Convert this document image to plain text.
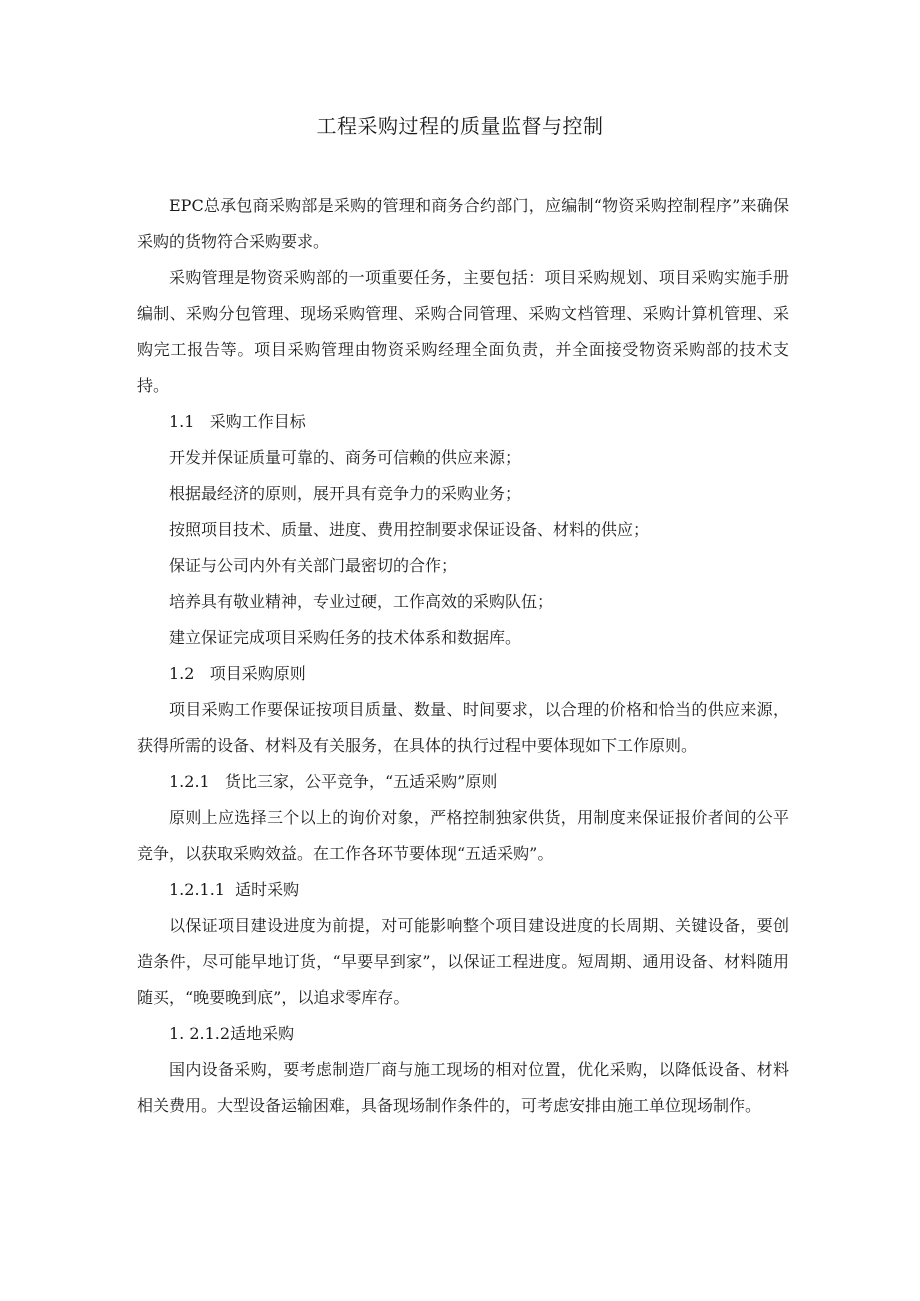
工程采购过程的质量监督与控制

EPC总承包商采购部是采购的管理和商务合约部门，应编制“物资采购控制程序”来确保采购的货物符合采购要求。

采购管理是物资采购部的一项重要任务，主要包括：项目采购规划、项目采购实施手册编制、采购分包管理、现场采购管理、采购合同管理、采购文档管理、采购计算机管理、采购完工报告等。项目采购管理由物资采购经理全面负责，并全面接受物资采购部的技术支持。

1.1   采购工作目标

开发并保证质量可靠的、商务可信赖的供应来源；

根据最经济的原则，展开具有竞争力的采购业务；

按照项目技术、质量、进度、费用控制要求保证设备、材料的供应；

保证与公司内外有关部门最密切的合作；

培养具有敬业精神，专业过硬，工作高效的采购队伍；

建立保证完成项目采购任务的技术体系和数据库。

1.2   项目采购原则

项目采购工作要保证按项目质量、数量、时间要求，以合理的价格和恰当的供应来源，获得所需的设备、材料及有关服务，在具体的执行过程中要体现如下工作原则。

1.2.1   货比三家，公平竞争，“五适采购”原则

原则上应选择三个以上的询价对象，严格控制独家供货，用制度来保证报价者间的公平竞争，以获取采购效益。在工作各环节要体现“五适采购”。

1.2.1.1  适时采购

以保证项目建设进度为前提，对可能影响整个项目建设进度的长周期、关键设备，要创造条件，尽可能早地订货，“早要早到家”，以保证工程进度。短周期、通用设备、材料随用随买，“晚要晚到底”，以追求零库存。

1. 2.1.2适地采购

国内设备采购，要考虑制造厂商与施工现场的相对位置，优化采购，以降低设备、材料相关费用。大型设备运输困难，具备现场制作条件的，可考虑安排由施工单位现场制作。
